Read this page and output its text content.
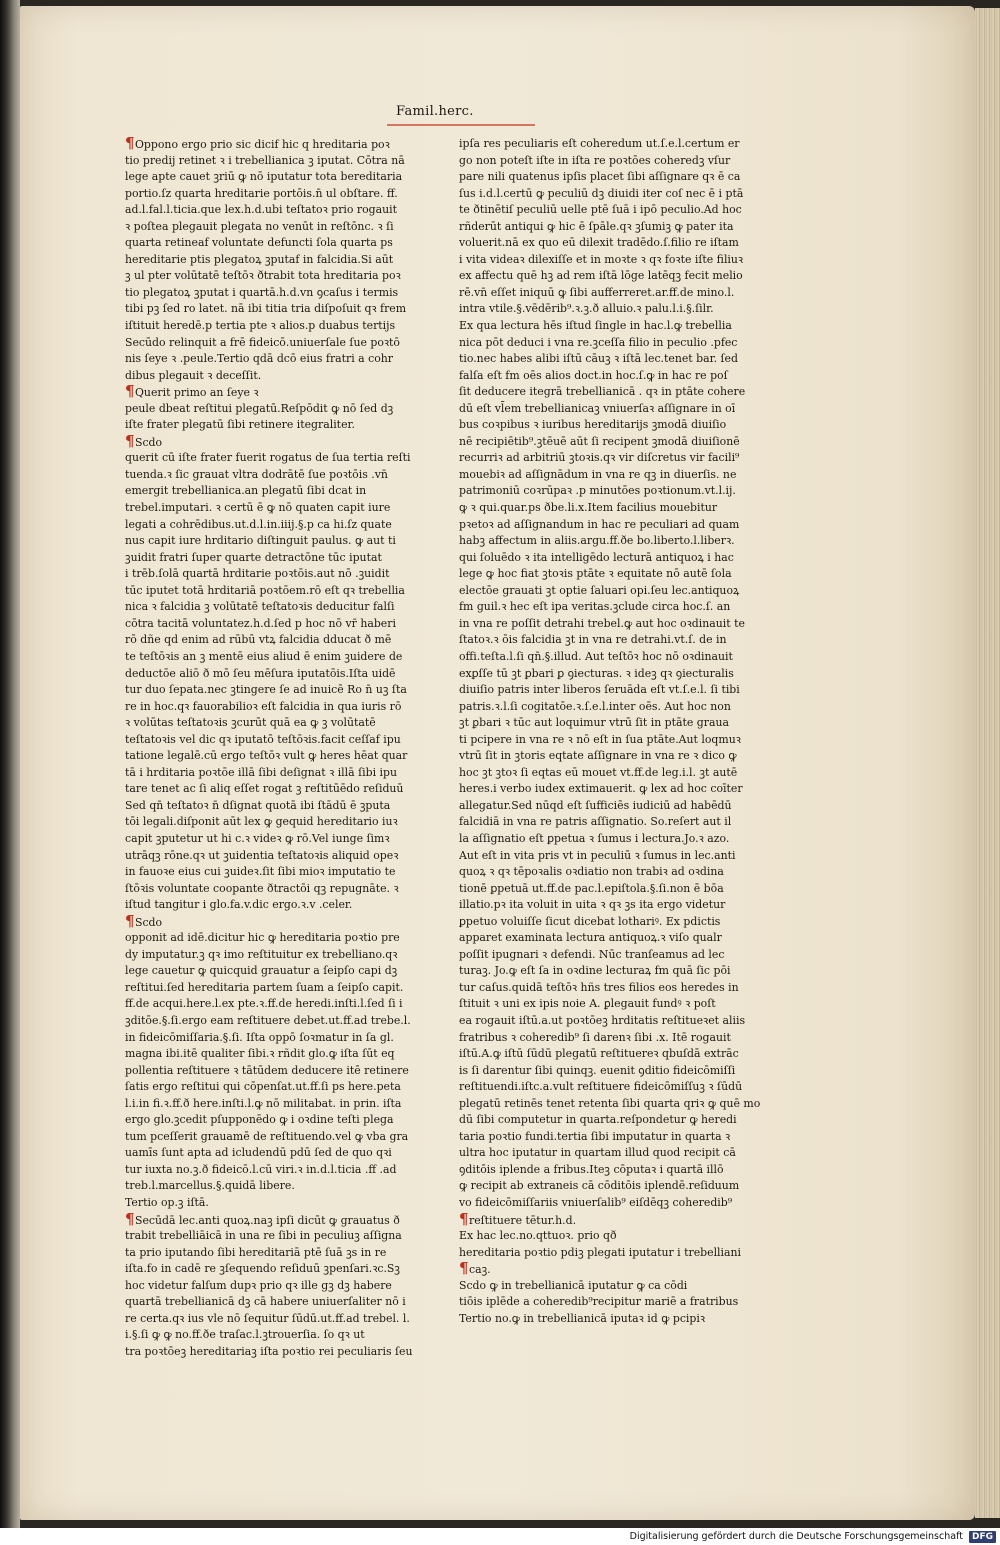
Famil.herc.
¶Oppono ergo prio sic dicif hic q hreditaria poꝛ
tio predij retinet ꝛ i trebellianica ꝫ iputat. Cōtra nā
lege apte cauet ꝫriū ꝙ nō iputatur tota bereditaria
portio.ſz quarta hreditarie portōis.n̄ ul obſtare. ff.
ad.l.fal.l.ticia.que lex.h.d.ubi teſtatoꝛ prio rogauit
ꝛ poſtea plegauit plegata no venūt in reſtōnc. ꝛ ſi
quarta retineaf voluntate defuncti ſola quarta ps
hereditarie ptis plegatoꝝ ꝫputaf in falcidia.Si aūt
ꝫ ul pter volūtatē teſtōꝛ ðtrabit tota hreditaria poꝛ
tio plegatoꝝ ꝫputat i quartā.h.d.vn ꝯcaſus i termis
tibi pꝫ ſed ro latet. nā ibi titia tria diſpoſuit qꝛ frem
iſtituit heredē.p tertia pte ꝛ alios.p duabus tertijs
Secūdo relinquit a frē fideicō.uniuerſale ſue poꝛtō
nis ſeye ꝛ .peule.Tertio qdā dcō eius fratri a cohr
dibus plegauit ꝛ deceſſit.
¶Querit primo an ſeye ꝛ
peule dbeat reſtitui plegatū.Reſpōdit ꝙ nō ſed dꝫ
iſte frater plegatū ſibi retinere itegraliter.
¶Scdo
querit cū iſte frater fuerit rogatus de ſua tertia reſti
tuenda.ꝛ ſic grauat vltra dodrātē ſue poꝛtōis .vn̄
emergit trebellianica.an plegatū ſibi dcat in
trebel.imputari. ꝛ certū ē ꝙ nō quaten capit iure
legati a cohrēdibus.ut.d.l.in.iiij.§.p ca hi.ſz quate
nus capit iure hrditario diſtinguit paulus. ꝙ aut ti
ꝫuidit fratri ſuper quarte detractōne tūc iputat
i trēb.ſolā quartā hrditarie poꝛtōis.aut nō .ꝫuidit
tūc iputet totā hrditariā poꝛtōem.rō eſt qꝛ trebellia
nica ꝛ falcidia ꝫ volūtatē teſtatoꝛis deducitur falſi
cōtra tacitā voluntatez.h.d.ſed p hoc nō vr̄ haberi
rō dñe qd enim ad rūbū vtꝝ falcidia dducat ð mē
te teſtōꝛis an ꝫ mentē eius aliud ē enim ꝫuidere de
deductōe aliō ð mō ſeu mēſura iputatōis.Iſta uidē
tur duo ſepata.nec ꝫtingere ſe ad inuicē Ro n̄ uꝫ ſta
re in hoc.qꝛ fauorabilioꝛ eſt falcidia in qua iuris rō
ꝛ volūtas teſtatoꝛis ꝫcurūt quā ea ꝙ ꝫ volūtatē
teſtatoꝛis vel dic qꝛ iputatō teſtōꝛis.facit ceſſaf ipu
tatione legalē.cū ergo teſtōꝛ vult ꝙ heres hēat quar
tā i hrditaria poꝛtōe illā ſibi deſignat ꝛ illā ſibi ipu
tare tenet ac ſi aliq eſſet rogat ꝫ reſtitūēdo reſiduū
Sed qn̄ teſtatoꝛ n̄ dſignat quotā ibi ſtādū ē ꝫputa
tōi legali.diſponit aūt lex ꝙ gequid hereditario iuꝛ
capit ꝫputetur ut hi c.ꝛ videꝛ ꝙ rō.Vel iunge ſimꝛ
utrāqꝫ rōne.qꝛ ut ꝫuidentia teſtatoꝛis aliquid opeꝛ
in fauoꝛe eius cui ꝫuideꝛ.ſit ſibi mioꝛ imputatio te
ſtōꝛis voluntate coopante ðtractōi qꝫ repugnāte. ꝛ
iſtud tangitur i glo.fa.v.dic ergo.ꝛ.v .celer.
¶Scdo
opponit ad idē.dicitur hic ꝙ hereditaria poꝛtio pre
dy imputatur.ꝫ qꝛ imo reſtituitur ex trebelliano.qꝛ
lege cauetur ꝙ quicquid grauatur a ſeipſo capi dꝫ
reſtitui.ſed hereditaria partem ſuam a ſeipſo capit.
ff.de acqui.here.l.ex pte.ꝛ.ff.de heredi.inſti.l.ſed ſi i
ꝫditōe.§.ſi.ergo eam reſtituere debet.ut.ff.ad trebe.l.
in fideicōmiſſaria.§.ſi. Iſta oppō ſoꝛmatur in ſa gl.
magna ibi.itē qualiter ſibi.ꝛ rñdit glo.ꝙ iſta ſūt eq
pollentia reſtituere ꝛ tātūdem deducere itē retinere
ſatis ergo reſtitui qui cōpenſat.ut.ff.ſi ps here.peta
l.i.in fi.ꝛ.ff.ð here.inſti.l.ꝙ nō militabat. in prin. iſta
ergo glo.ꝫcedit pſupponēdo ꝙ i oꝛdine teſti plega
tum pceſſerit grauamē de reſtituendo.vel ꝙ vba gra
uamīs ſunt apta ad icludendū pdū ſed de quo qꝛi
tur iuxta no.ꝫ.ð fideicō.l.cū viri.ꝛ in.d.l.ticia .ff .ad
treb.l.marcellus.§.quidā libere.
Tertio op.ꝫ iſtā.
¶Secūdā lec.anti quoꝝ.naꝫ ipſi dicūt ꝙ grauatus ð
trabit trebelliāicā in una re ſibi in peculiuꝫ aſſigna
ta prio iputando ſibi hereditariā ptē ſuā ꝫs in re
iſta.fo in cadē re ꝫſequendo reſiduū ꝫpenſari.ꝛc.Sꝫ
hoc videtur falſum dupꝛ prio qꝛ ille gꝫ dꝫ habere
quartā trebellianicā dꝫ cā habere uniuerſaliter nō i
re certa.qꝛ ius vle nō ſequitur ſūdū.ut.ff.ad trebel. l.
i.§.ſi ꝙ ꝙ no.ff.ðe traſac.l.ꝫtrouerſia. ſo qꝛ ut
tra poꝛtōeꝫ hereditariaꝫ iſta poꝛtio rei peculiaris ſeu
ipſa res peculiaris eſt coheredum ut.ſ.e.l.certum er
go non poteſt iſte in iſta re poꝛtōes coheredꝫ vſur
pare nili quatenus ipſis placet ſibi aſſignare qꝛ ē ca
ſus i.d.l.certū ꝙ peculiū dꝫ diuidi iter coſ nec ē i ptā
te ðtinētiſ peculiū uelle ptē ſuā i ipō peculio.Ad hoc
rñderūt antiqui ꝙ hic ē ſpāle.qꝛ ꝫſumiꝫ ꝙ pater ita
voluerit.nā ex quo eū dilexit tradēdo.ſ.filio re iſtam
i vita videaꝛ dilexiſſe et in moꝛte ꝛ qꝛ foꝛte iſte filiuꝛ
ex affectu quē hꝫ ad rem iſtā lōge latēqꝫ fecit melio
rē.vn̄ eſſet iniquū ꝙ ſibi aufferreret.ar.ff.de mino.l.
intra vtile.§.vēdērib⁹.ꝛ.ꝫ.ð alluio.ꝛ palu.l.i.§.ſilr.
Ex qua lectura hēs iſtud ſingle in hac.l.ꝙ trebellia
nica pōt deduci i vna re.ꝫceſſa filio in peculio .pfec
tio.nec habes alibi iſtū cāuꝫ ꝛ iſtā lec.tenet bar. ſed
falſa eſt fm oēs alios doct.in hoc.ſ.ꝙ in hac re poſ
ſit deducere itegrā trebellianicā . qꝛ in ptāte cohere
dū eſt vl̄em trebellianicaꝫ vniuerſaꝛ aſſignare in oī
bus coꝛpibus ꝛ iuribus hereditarijs ꝫmodā diuiſio
nē recipiētib⁹.ꝫtēuē aūt ſi recipent ꝫmodā diuiſionē
recurriꝛ ad arbitriū ꝫtoꝛis.qꝛ vir diſcretus vir facili⁹
mouebiꝛ ad aſſignādum in vna re qꝫ in diuerſis. ne
patrimoniū coꝛrūpaꝛ .p minutōes poꝛtionum.vt.l.ij.
ꝙ ꝛ qui.quar.ps ðbe.li.x.Item facilius mouebitur
pꝛetoꝛ ad aſſignandum in hac re peculiari ad quam
habꝫ affectum in aliis.argu.ff.ðe bo.liberto.l.liberꝛ.
qui ſoluēdo ꝛ ita intelligēdo lecturā antiquoꝝ i hac
lege ꝙ hoc fiat ꝫtoꝛis ptāte ꝛ equitate nō autē ſola
electōe grauati ꝫt optie ſaluari opi.ſeu lec.antiquoꝝ
fm guil.ꝛ hec eſt ipa veritas.ꝫclude circa hoc.ſ. an
in vna re poſſit detrahi trebel.ꝙ aut hoc oꝛdinauit te
ſtatoꝛ.ꝛ ōis falcidia ꝫt in vna re detrahi.vt.ſ. de in
offi.teſta.l.ſi qn̄.§.illud. Aut teſtōꝛ hoc nō oꝛdinauit
exꝑſſe tū ꝫt ꝑbari ꝑ ꝯiecturas. ꝛ ideꝫ qꝛ ꝯiecturalis
diuiſio patris inter liberos ſeruāda eſt vt.ſ.e.l. ſi tibi
patris.ꝛ.l.ſi cogitatōe.ꝛ.ſ.e.l.inter oēs. Aut hoc non
ꝫt ꝑbari ꝛ tūc aut loquimur vtrū ſit in ptāte graua
ti pcipere in vna re ꝛ nō eſt in ſua ptāte.Aut loqmuꝛ
vtrū ſit in ꝫtoris eqtate aſſignare in vna re ꝛ dico ꝙ
hoc ꝫt ꝫtoꝛ ſi eqtas eū mouet vt.ff.de leg.i.l. ꝫt autē
heres.i verbo iudex extimauerit. ꝙ lex ad hoc coīter
allegatur.Sed nūqd eſt ſufficiēs iudiciū ad habēdū
falcidiā in vna re patris aſſignatio. So.reſert aut il
la aſſignatio eſt ꝑpetua ꝛ ſumus i lectura.Jo.ꝛ azo.
Aut eſt in vita pris vt in peculiū ꝛ ſumus in lec.anti
quoꝝ ꝛ qꝛ tēpoꝛalis oꝛdiatio non trabiꝛ ad oꝛdina
tionē ꝑpetuā ut.ff.de pac.l.epiſtola.§.ſi.non ē bōa
illatio.pꝛ ita voluit in uita ꝛ qꝛ ꝫs ita ergo videtur
ꝑpetuo voluiſſe ſicut dicebat lothariꝰ. Ex pdictis
apparet examinata lectura antiquoꝝ.ꝛ viſo qualr
poſſit ipugnari ꝛ defendi. Nūc tranſeamus ad lec
turaꝫ. Jo.ꝙ eſt ſa in oꝛdine lecturaꝝ fm quā ſic pōi
tur caſus.quidā teſtōꝛ hñs tres filios eos heredes in
ſtituit ꝛ uni ex ipis noie A. ꝑlegauit fundꝰ ꝛ poſt
ea rogauit iſtū.a.ut poꝛtōeꝫ hrditatis reſtitueꝛet aliis
fratribus ꝛ coheredib⁹ ſi darenꝛ ſibi .x. Itē rogauit
iſtū.A.ꝙ iſtū ſūdū plegatū reſtituereꝛ qbuſdā extrāc
is ſi darentur ſibi quinqꝫ. euenit ꝯditio fideicōmiſſi
reſtituendi.iſtc.a.vult reſtituere fideicōmiſſuꝫ ꝛ ſūdū
plegatū retinēs tenet retenta ſibi quarta qriꝛ ꝙ quē mo
dū ſibi computetur in quarta.reſpondetur ꝙ heredi
taria poꝛtio fundi.tertia ſibi imputatur in quarta ꝛ
ultra hoc iputatur in quartam illud quod recipit cā
ꝯditōis iplende a fribus.Iteꝫ cōputaꝛ i quartā illō
ꝙ recipit ab extraneis cā cōditōis iplendē.reſiduum
vo fideicōmiſſariis vniuerſalib⁹ eiſdēqꝫ coheredib⁹
¶reſtituere tētur.h.d.
Ex hac lec.no.qttuoꝛ. prio qð
hereditaria poꝛtio pdiꝫ plegati iputatur i trebelliani
¶caꝫ.
Scdo ꝙ in trebellianicā iputatur ꝙ ca cōdi
tiōis iplēde a coheredib⁹recipitur mariē a fratribus
Tertio no.ꝙ in trebellianicā iputaꝛ id ꝙ pcipiꝛ
Digitalisierung gefördert durch die Deutsche Forschungsgemeinschaft	DFG
